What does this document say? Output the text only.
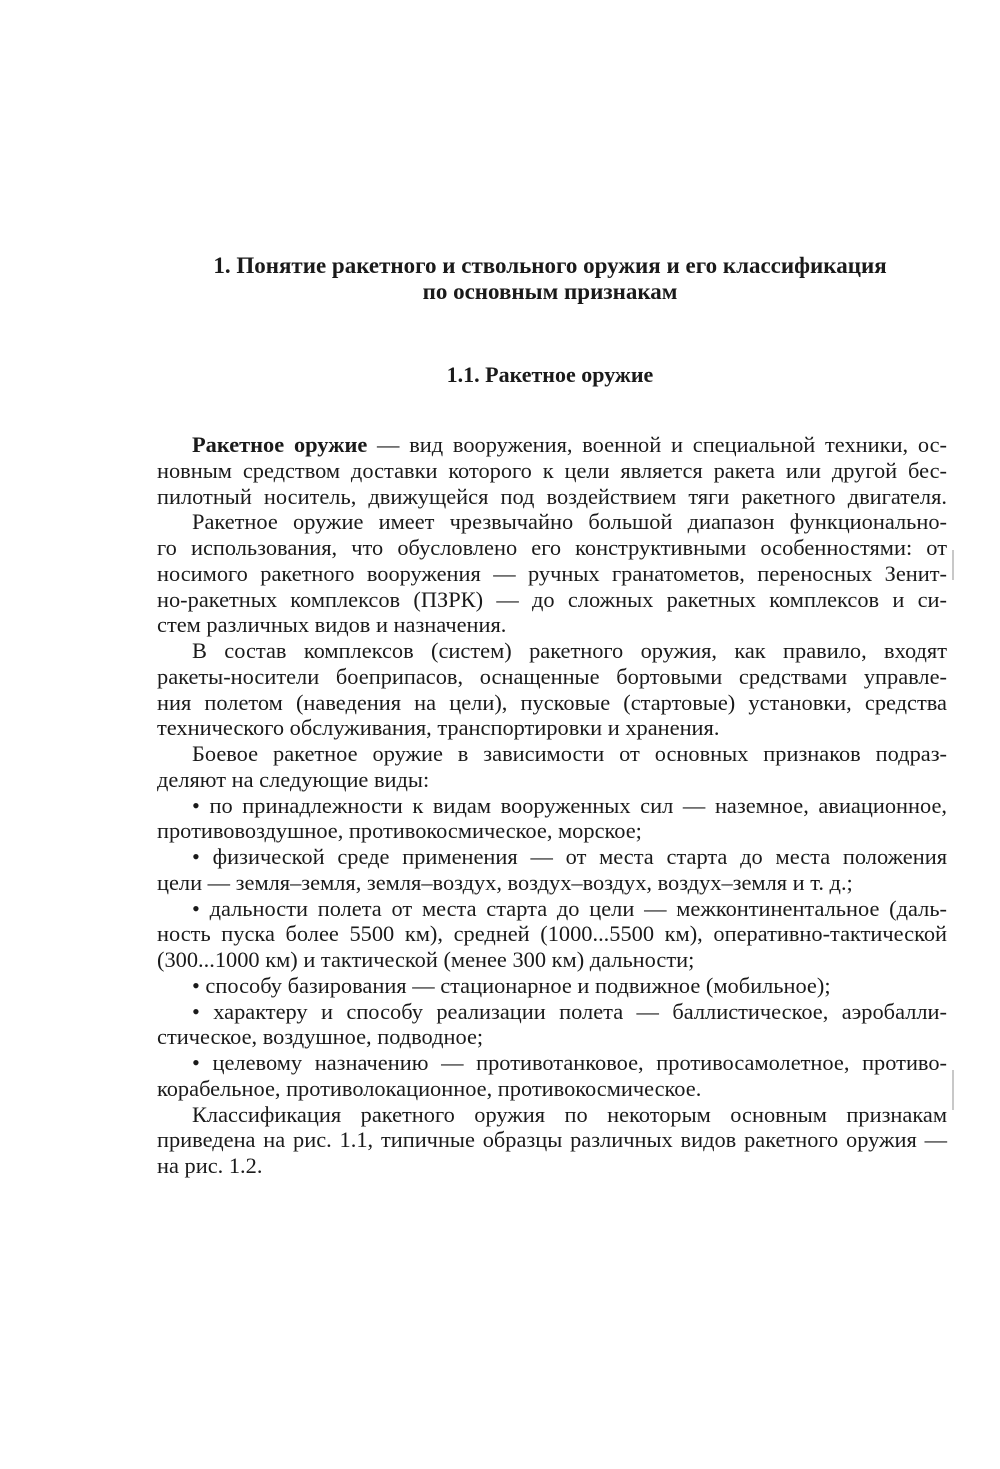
1. Понятие ракетного и ствольного оружия и его классификация
по основным признакам
1.1. Ракетное оружие
Ракетное оружие — вид вооружения, военной и специальной техники, ос-
новным средством доставки которого к цели является ракета или другой бес-
пилотный носитель, движущейся под воздействием тяги ракетного двигателя.
Ракетное оружие имеет чрезвычайно большой диапазон функционально-
го использования, что обусловлено его конструктивными особенностями: от
носимого ракетного вооружения — ручных гранатометов, переносных Зенит-
но-ракетных комплексов (ПЗРК) — до сложных ракетных комплексов и си-
стем различных видов и назначения.
В состав комплексов (систем) ракетного оружия, как правило, входят
ракеты-носители боеприпасов, оснащенные бортовыми средствами управле-
ния полетом (наведения на цели), пусковые (стартовые) установки, средства
технического обслуживания, транспортировки и хранения.
Боевое ракетное оружие в зависимости от основных признаков подраз-
деляют на следующие виды:
• по принадлежности к видам вооруженных сил — наземное, авиационное,
противовоздушное, противокосмическое, морское;
• физической среде применения — от места старта до места положения
цели — земля–земля, земля–воздух, воздух–воздух, воздух–земля и т. д.;
• дальности полета от места старта до цели — межконтинентальное (даль-
ность пуска более 5500 км), средней (1000...5500 км), оперативно-тактической
(300...1000 км) и тактической (менее 300 км) дальности;
• способу базирования — стационарное и подвижное (мобильное);
• характеру и способу реализации полета — баллистическое, аэробалли-
стическое, воздушное, подводное;
• целевому назначению — противотанковое, противосамолетное, противо-
корабельное, противолокационное, противокосмическое.
Классификация ракетного оружия по некоторым основным признакам
приведена на рис. 1.1, типичные образцы различных видов ракетного оружия —
на рис. 1.2.
